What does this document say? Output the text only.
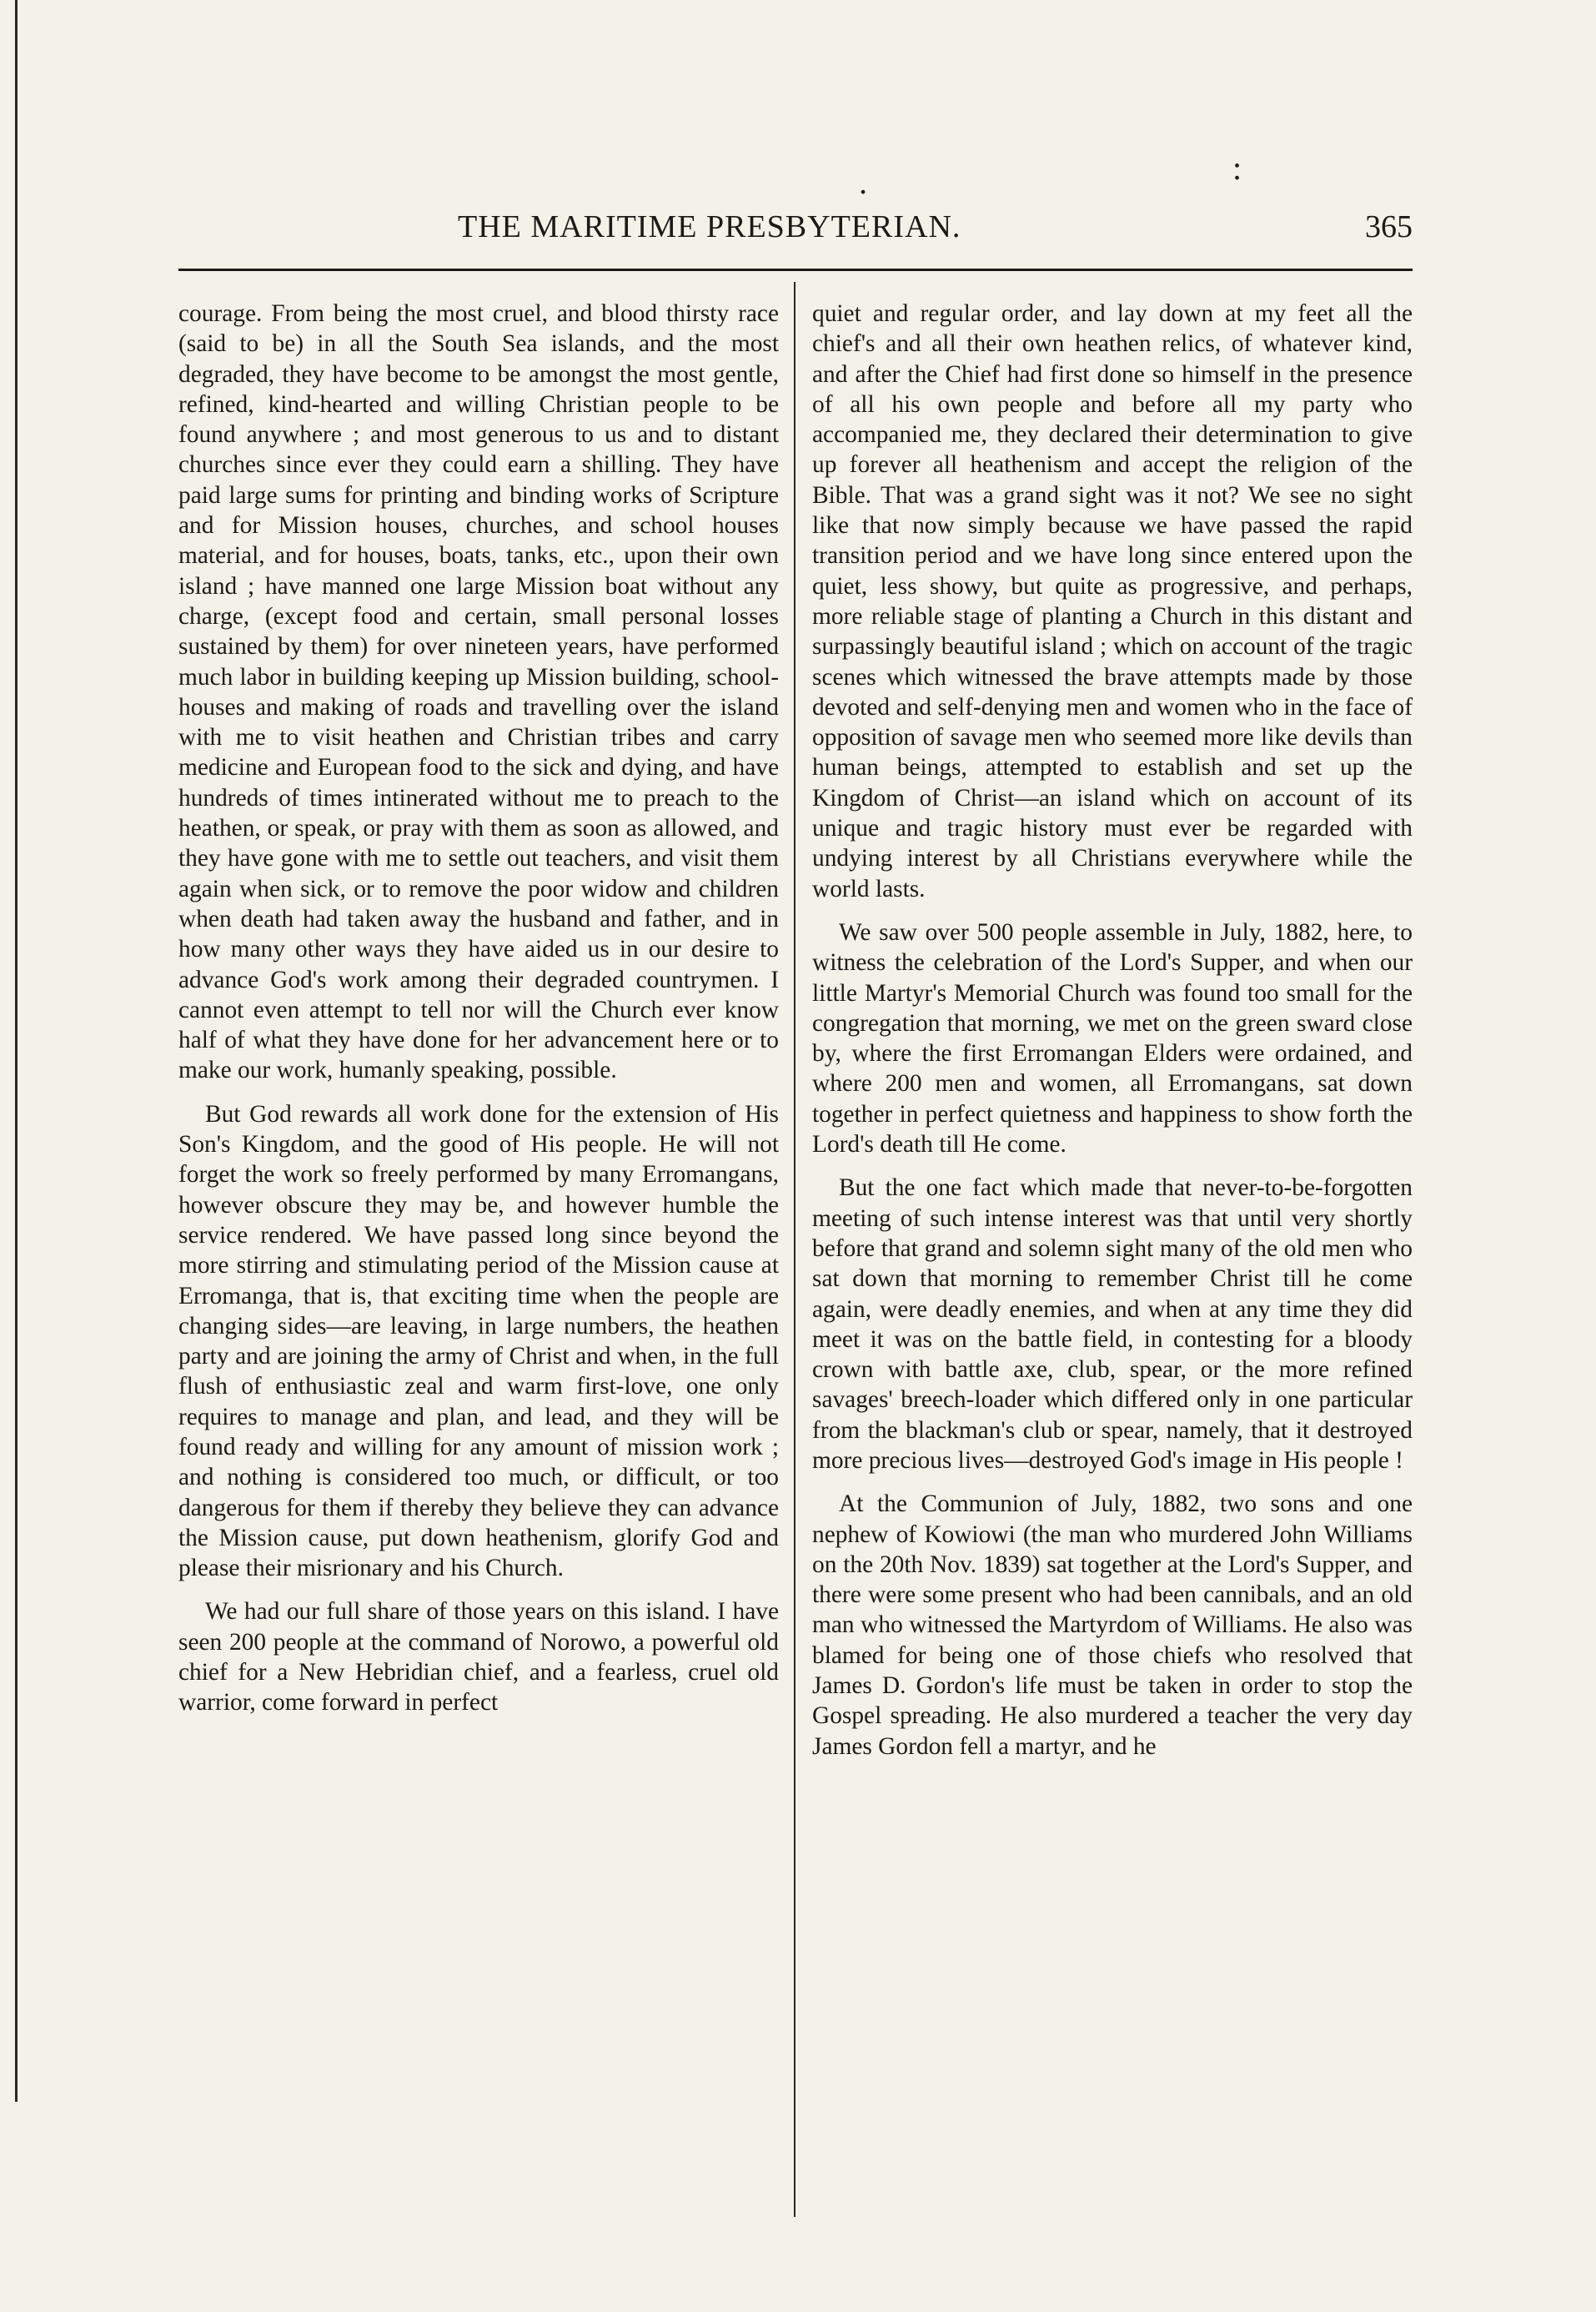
.	:
THE MARITIME PRESBYTERIAN.	365

courage. From being the most cruel, and blood thirsty race (said to be) in all the South Sea islands, and the most degraded, they have become to be amongst the most gentle, refined, kind-hearted and willing Christian people to be found anywhere ; and most generous to us and to distant churches since ever they could earn a shilling. They have paid large sums for printing and binding works of Scripture and for Mission houses, churches, and school houses material, and for houses, boats, tanks, etc., upon their own island ; have manned one large Mission boat without any charge, (except food and certain, small personal losses sustained by them) for over nineteen years, have performed much labor in building keeping up Mission building, school-houses and making of roads and travelling over the island with me to visit heathen and Christian tribes and carry medicine and European food to the sick and dying, and have hundreds of times intinerated without me to preach to the heathen, or speak, or pray with them as soon as allowed, and they have gone with me to settle out teachers, and visit them again when sick, or to remove the poor widow and children when death had taken away the husband and father, and in how many other ways they have aided us in our desire to advance God's work among their degraded countrymen. I cannot even attempt to tell nor will the Church ever know half of what they have done for her advancement here or to make our work, humanly speaking, possible.

But God rewards all work done for the extension of His Son's Kingdom, and the good of His people. He will not forget the work so freely performed by many Erromangans, however obscure they may be, and however humble the service rendered. We have passed long since beyond the more stirring and stimulating period of the Mission cause at Erromanga, that is, that exciting time when the people are changing sides—are leaving, in large numbers, the heathen party and are joining the army of Christ and when, in the full flush of enthusiastic zeal and warm first-love, one only requires to manage and plan, and lead, and they will be found ready and willing for any amount of mission work ; and nothing is considered too much, or difficult, or too dangerous for them if thereby they believe they can advance the Mission cause, put down heathenism, glorify God and please their misrionary and his Church.

We had our full share of those years on this island. I have seen 200 people at the command of Norowo, a powerful old chief for a New Hebridian chief, and a fearless, cruel old warrior, come forward in perfect

quiet and regular order, and lay down at my feet all the chief's and all their own heathen relics, of whatever kind, and after the Chief had first done so himself in the presence of all his own people and before all my party who accompanied me, they declared their determination to give up forever all heathenism and accept the religion of the Bible. That was a grand sight was it not? We see no sight like that now simply because we have passed the rapid transition period and we have long since entered upon the quiet, less showy, but quite as progressive, and perhaps, more reliable stage of planting a Church in this distant and surpassingly beautiful island ; which on account of the tragic scenes which witnessed the brave attempts made by those devoted and self-denying men and women who in the face of opposition of savage men who seemed more like devils than human beings, attempted to establish and set up the Kingdom of Christ—an island which on account of its unique and tragic history must ever be regarded with undying interest by all Christians everywhere while the world lasts.

We saw over 500 people assemble in July, 1882, here, to witness the celebration of the Lord's Supper, and when our little Martyr's Memorial Church was found too small for the congregation that morning, we met on the green sward close by, where the first Erromangan Elders were ordained, and where 200 men and women, all Erromangans, sat down together in perfect quietness and happiness to show forth the Lord's death till He come.

But the one fact which made that never-to-be-forgotten meeting of such intense interest was that until very shortly before that grand and solemn sight many of the old men who sat down that morning to remember Christ till he come again, were deadly enemies, and when at any time they did meet it was on the battle field, in contesting for a bloody crown with battle axe, club, spear, or the more refined savages' breech-loader which differed only in one particular from the blackman's club or spear, namely, that it destroyed more precious lives—destroyed God's image in His people !

At the Communion of July, 1882, two sons and one nephew of Kowiowi (the man who murdered John Williams on the 20th Nov. 1839) sat together at the Lord's Supper, and there were some present who had been cannibals, and an old man who witnessed the Martyrdom of Williams. He also was blamed for being one of those chiefs who resolved that James D. Gordon's life must be taken in order to stop the Gospel spreading. He also murdered a teacher the very day James Gordon fell a martyr, and he
